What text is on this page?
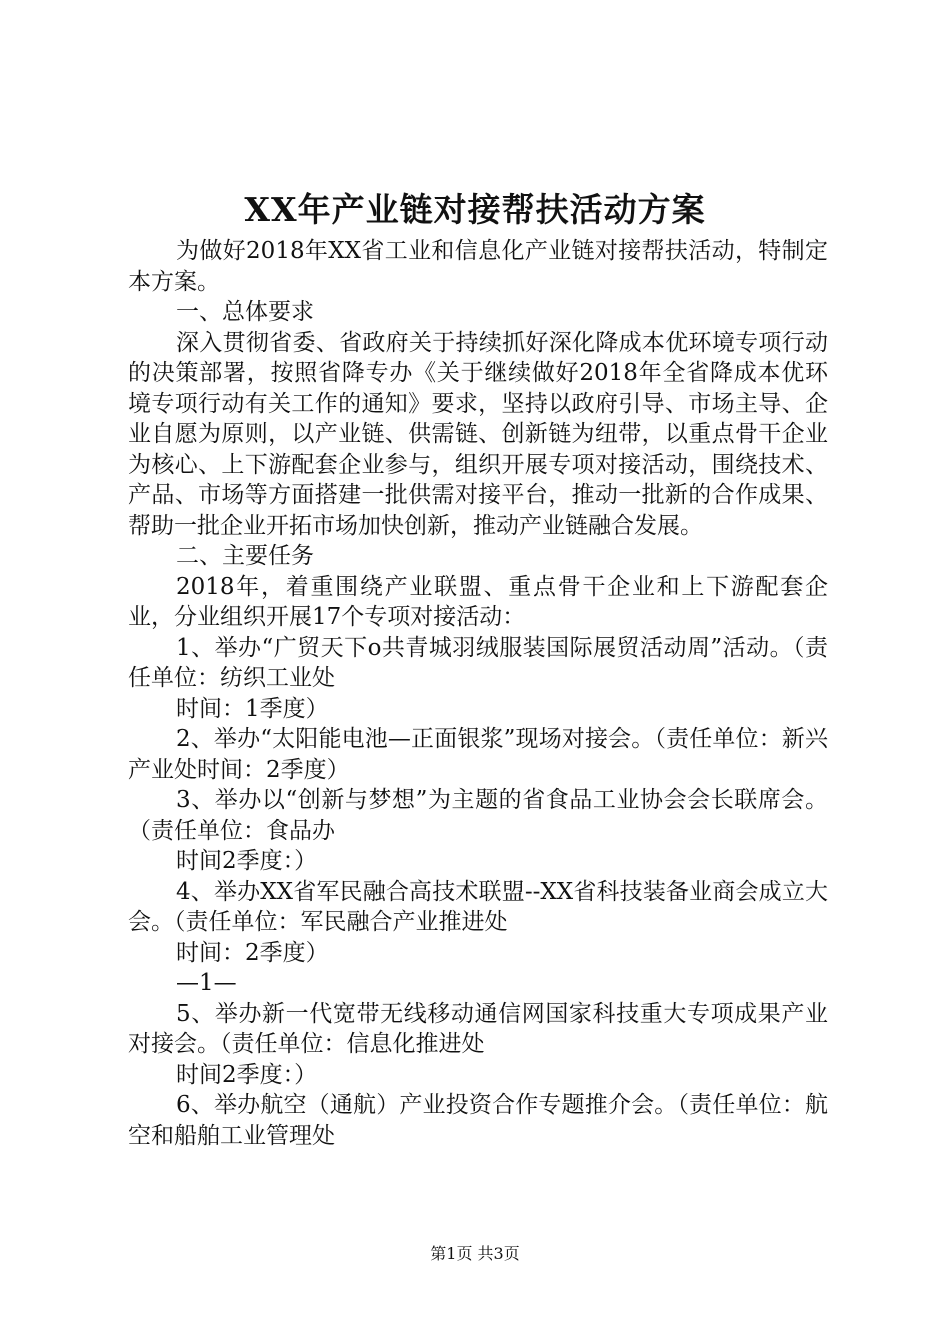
XX年产业链对接帮扶活动方案

为做好2018年XX省工业和信息化产业链对接帮扶活动，特制定本方案。

一、总体要求

深入贯彻省委、省政府关于持续抓好深化降成本优环境专项行动的决策部署，按照省降专办《关于继续做好2018年全省降成本优环境专项行动有关工作的通知》要求，坚持以政府引导、市场主导、企业自愿为原则，以产业链、供需链、创新链为纽带，以重点骨干企业为核心、上下游配套企业参与，组织开展专项对接活动，围绕技术、产品、市场等方面搭建一批供需对接平台，推动一批新的合作成果、帮助一批企业开拓市场加快创新，推动产业链融合发展。

二、主要任务

2018年，着重围绕产业联盟、重点骨干企业和上下游配套企业，分业组织开展17个专项对接活动：

1、举办“广贸天下o共青城羽绒服装国际展贸活动周”活动。（责任单位：纺织工业处

时间：1季度）

2、举办“太阳能电池—正面银浆”现场对接会。（责任单位：新兴产业处时间：2季度）

3、举办以“创新与梦想”为主题的省食品工业协会会长联席会。（责任单位：食品办

时间2季度：）

4、举办XX省军民融合高技术联盟--XX省科技装备业商会成立大会。（责任单位：军民融合产业推进处

时间：2季度）

—1—

5、举办新一代宽带无线移动通信网国家科技重大专项成果产业对接会。（责任单位：信息化推进处

时间2季度：）

6、举办航空（通航）产业投资合作专题推介会。（责任单位：航空和船舶工业管理处

第1页 共3页
